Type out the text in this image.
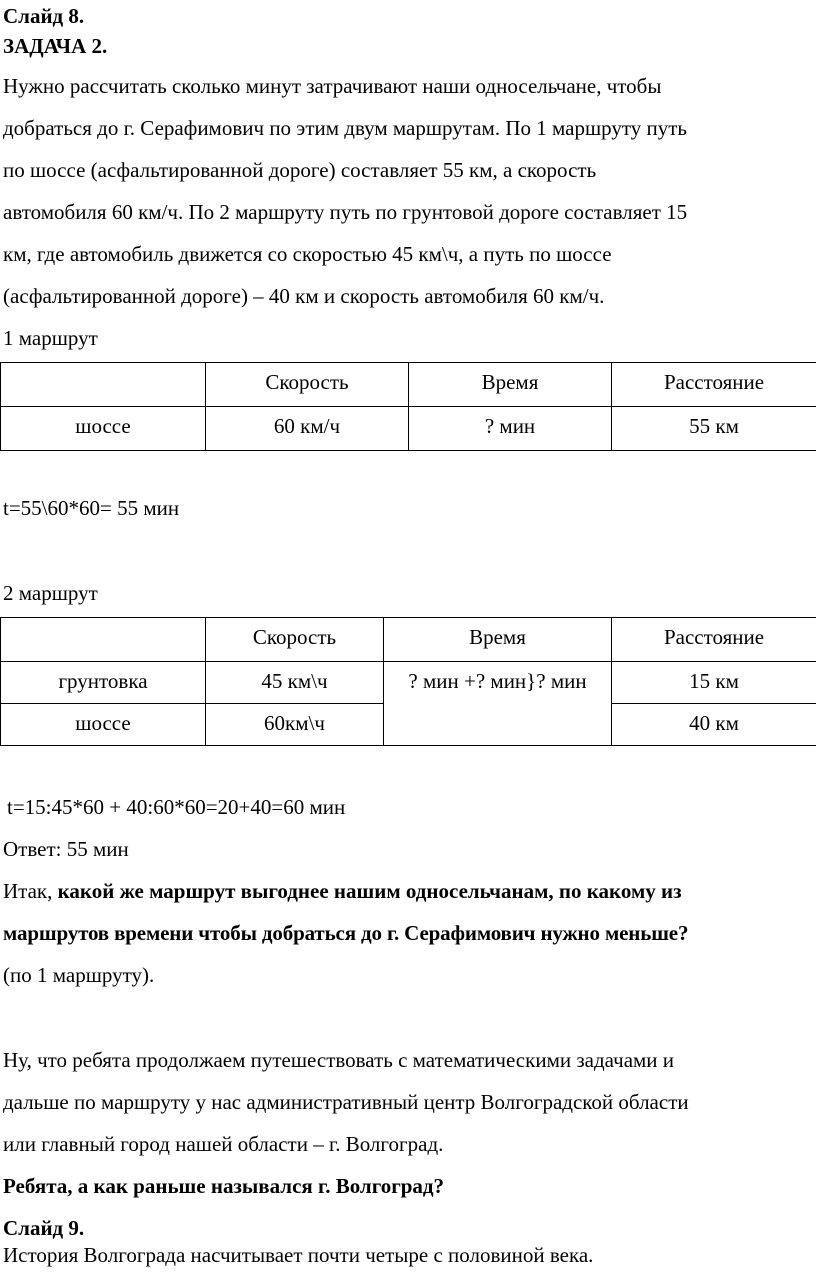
Слайд 8.
ЗАДАЧА 2.
Нужно рассчитать сколько минут затрачивают наши односельчане, чтобы
добраться до г. Серафимович по этим двум маршрутам. По 1 маршруту путь
по шоссе (асфальтированной дороге) составляет 55 км, а скорость
автомобиля 60 км/ч. По 2 маршруту путь по грунтовой дороге составляет 15
км, где автомобиль движется со скоростью 45 км\ч, а путь по шоссе
(асфальтированной дороге) – 40 км и скорость автомобиля 60 км/ч.
1 маршрут
	Скорость	Время	Расстояние
шоссе	60 км/ч	? мин	55 км
t=55\60*60= 55 мин
2 маршрут
	Скорость	Время	Расстояние
грунтовка	45 км\ч	? мин +? мин}? мин	15 км
шоссе	60км\ч		40 км
t=15:45*60 + 40:60*60=20+40=60 мин
Ответ: 55 мин
Итак, какой же маршрут выгоднее нашим односельчанам, по какому из
маршрутов времени чтобы добраться до г. Серафимович нужно меньше?
(по 1 маршруту).
Ну, что ребята продолжаем путешествовать с математическими задачами и
дальше по маршруту у нас административный центр Волгоградской области
или главный город нашей области – г. Волгоград.
Ребята, а как раньше назывался г. Волгоград?
Слайд 9.
История Волгограда насчитывает почти четыре с половиной века.
